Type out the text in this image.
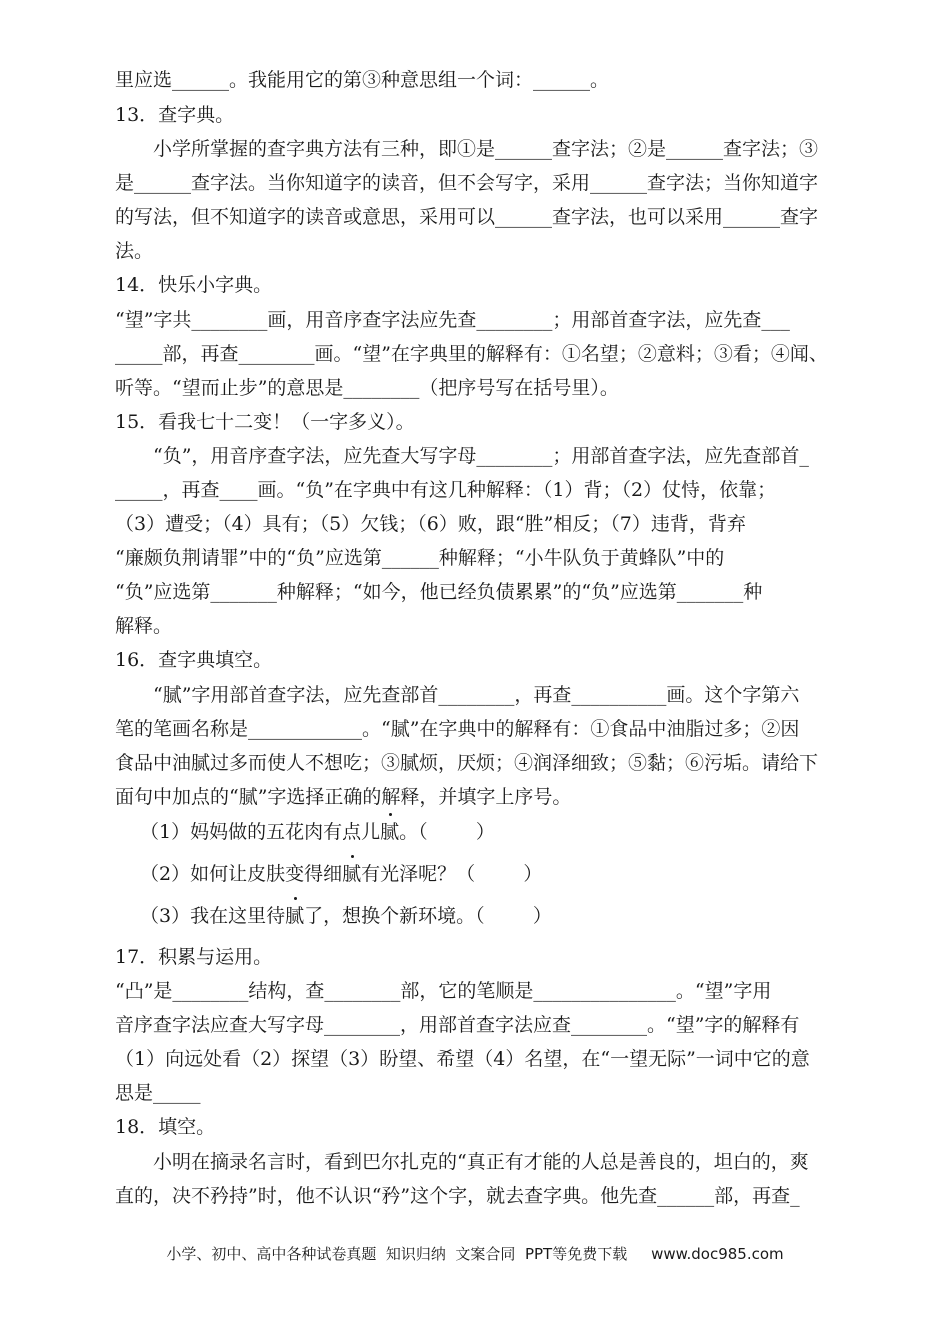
里应选______。我能用它的第③种意思组一个词：______。
13．查字典。
小学所掌握的查字典方法有三种，即①是______查字法；②是______查字法；③
是______查字法。当你知道字的读音，但不会写字，采用______查字法；当你知道字
的写法，但不知道字的读音或意思，采用可以______查字法，也可以采用______查字
法。
14．快乐小字典。
“望”字共________画，用音序查字法应先查________；用部首查字法，应先查___
_____部，再查________画。“望”在字典里的解释有：①名望；②意料；③看；④闻、
听等。“望而止步”的意思是________（把序号写在括号里）。
15．看我七十二变！（一字多义）。
“负”，用音序查字法，应先查大写字母________；用部首查字法，应先查部首_
_____，再查____画。“负”在字典中有这几种解释：（1）背；（2）仗恃，依靠；
（3）遭受；（4）具有；（5）欠钱；（6）败，跟“胜”相反；（7）违背，背弃
“廉颇负荆请罪”中的“负”应选第______种解释；“小牛队负于黄蜂队”中的
“负”应选第_______种解释；“如今，他已经负债累累”的“负”应选第_______种
解释。
16．查字典填空。
“腻”字用部首查字法，应先查部首________，再查__________画。这个字第六
笔的笔画名称是____________。“腻”在字典中的解释有：①食品中油脂过多；②因
食品中油腻过多而使人不想吃；③腻烦，厌烦；④润泽细致；⑤黏；⑥污垢。请给下
面句中加点的“腻”字选择正确的解释，并填字上序号。
（1）妈妈做的五花肉有点儿腻。（        ）
（2）如何让皮肤变得细腻有光泽呢？（        ）
（3）我在这里待腻了，想换个新环境。（        ）
17．积累与运用。
“凸”是________结构，查________部，它的笔顺是_______________。“望”字用
音序查字法应查大写字母________，用部首查字法应查________。“望”字的解释有
（1）向远处看（2）探望（3）盼望、希望（4）名望，在“一望无际”一词中它的意
思是_____
18．填空。
小明在摘录名言时，看到巴尔扎克的“真正有才能的人总是善良的，坦白的，爽
直的，决不矜持”时，他不认识“矜”这个字，就去查字典。他先查______部，再查_
小学、初中、高中各种试卷真题  知识归纳  文案合同  PPT等免费下载     www.doc985.com
